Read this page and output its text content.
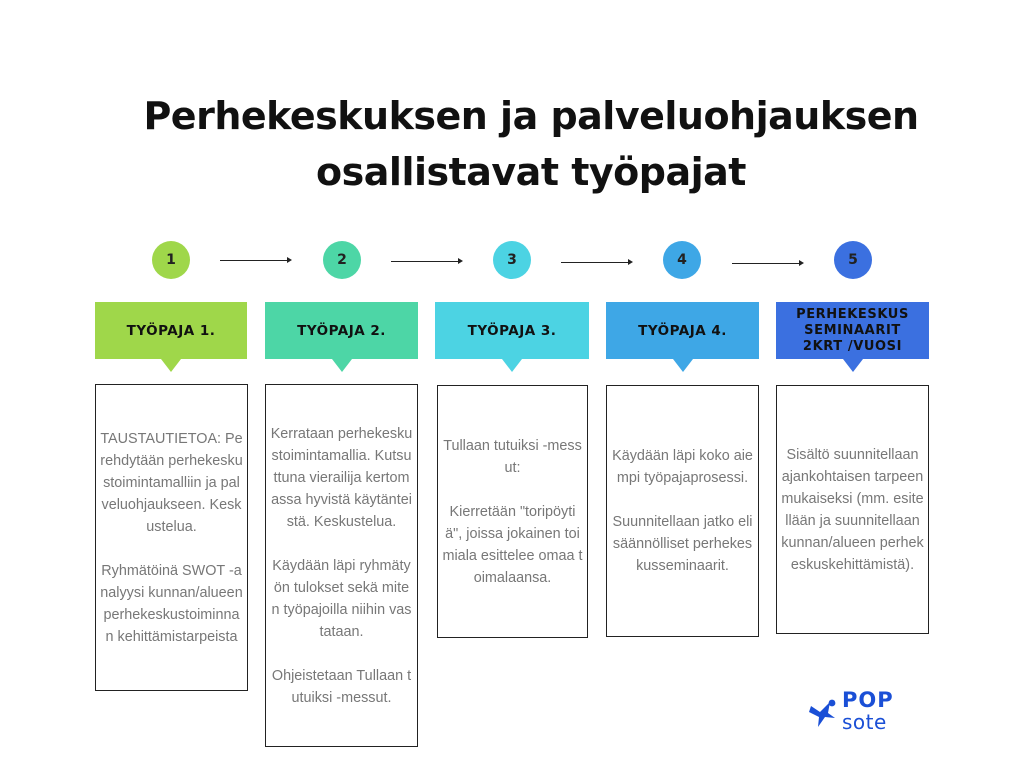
Perhekeskuksen ja palveluohjauksen
osallistavat työpajat
1	2	3	4	5
TYÖPAJA 1.	TYÖPAJA 2.	TYÖPAJA 3.	TYÖPAJA 4.
PERHEKESKUS
SEMINAARIT
2KRT /VUOSI
TAUSTAUTIETOA: Perehdytään perhekeskustoimintamalliin ja palveluohjaukseen. Keskustelua.

Ryhmätöinä SWOT -analyysi kunnan/alueen perhekeskustoiminnan kehittämistarpeista
Kerrataan perhekeskustoimintamallia. Kutsuttuna vierailija kertomassa hyvistä käytänteistä. Keskustelua.

Käydään läpi ryhmätyön tulokset sekä miten työpajoilla niihin vastataan.

Ohjeistetaan Tullaan tutuiksi -messut.
Tullaan tutuiksi -messut:

Kierretään "toripöytiä", joissa jokainen toimiala esittelee omaa toimalaansa.
Käydään läpi koko aiempi työpajaprosessi.

Suunnitellaan jatko eli säännölliset perhekeskusseminaarit.
Sisältö suunnitellaan ajankohtaisen tarpeen mukaiseksi (mm. esitellään ja suunnitellaan kunnan/alueen perhekeskuskehittämistä).
POP
sote
